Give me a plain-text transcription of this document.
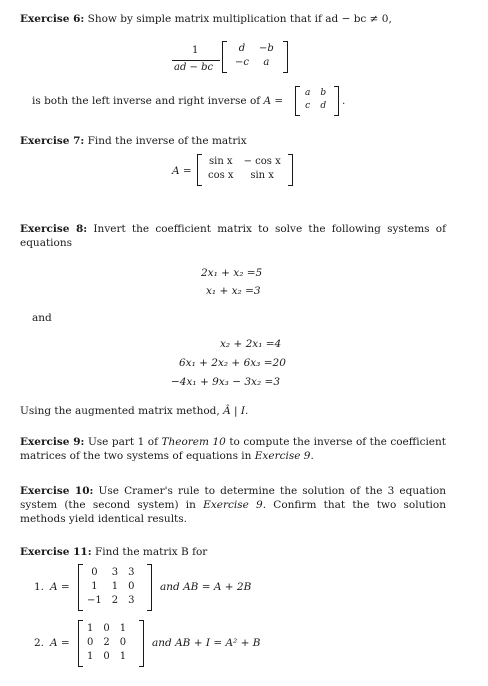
Exercise 6: Show by simple matrix multiplication that if ad − bc ≠ 0,
1
ad − bc
d	−b
−c	a
is both the left inverse and right inverse of A =
a	b
c	d .
Exercise 7: Find the inverse of the matrix
A =
sin x	− cos x
cos x	sin x
Exercise 8: Invert the coefficient matrix to solve the following systems of equations
2x₁ + x₂ =5
x₁ + x₂ =3
and
x₂ + 2x₁ =4
6x₁ + 2x₂ + 6x₃ =20
−4x₁ + 9x₃ − 3x₂ =3
Using the augmented matrix method, Â | I.
Exercise 9: Use part 1 of Theorem 10 to compute the inverse of the coefficient matrices of the two systems of equations in Exercise 9.
Exercise 10: Use Cramer's rule to determine the solution of the 3 equation system (the second system) in Exercise 9. Confirm that the two solution methods yield identical results.
Exercise 11: Find the matrix B for
1. A =
0	3	3
1	1	0
−1	2	3
and AB = A + 2B
2. A =
1	0	1
0	2	0
1	0	1
and AB + I = A² + B
